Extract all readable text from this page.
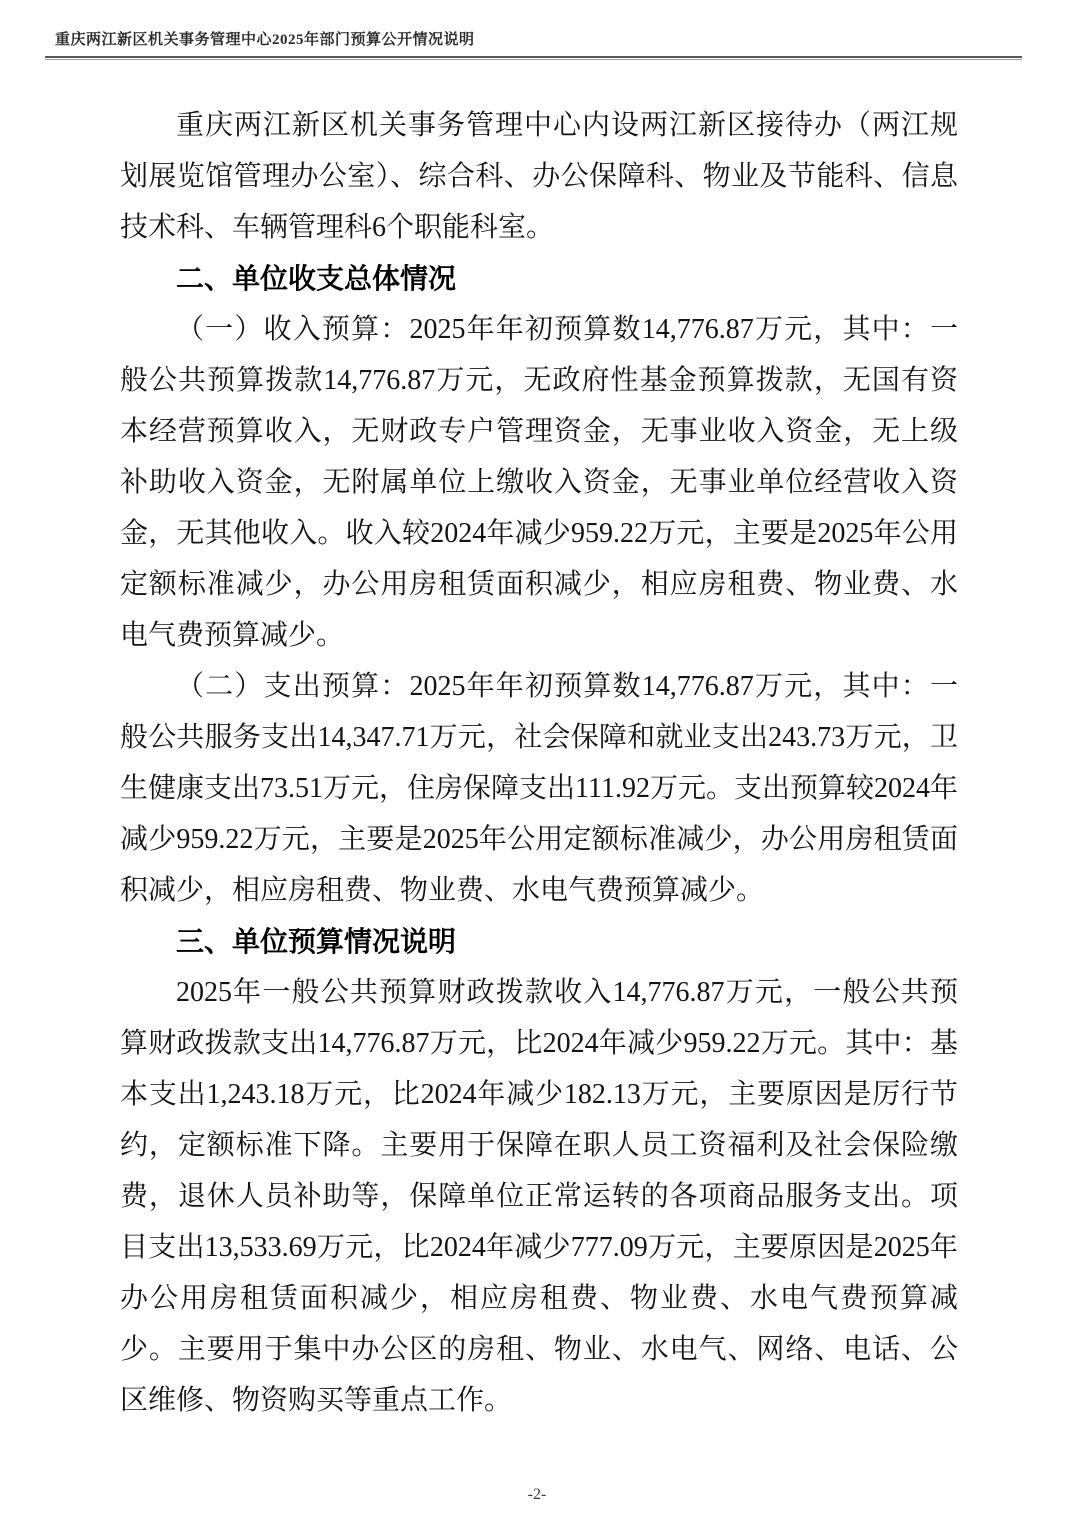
重庆两江新区机关事务管理中心2025年部门预算公开情况说明

重庆两江新区机关事务管理中心内设两江新区接待办（两江规划展览馆管理办公室）、综合科、办公保障科、物业及节能科、信息技术科、车辆管理科6个职能科室。

二、单位收支总体情况

（一）收入预算：2025年年初预算数14,776.87万元，其中：一般公共预算拨款14,776.87万元，无政府性基金预算拨款，无国有资本经营预算收入，无财政专户管理资金，无事业收入资金，无上级补助收入资金，无附属单位上缴收入资金，无事业单位经营收入资金，无其他收入。收入较2024年减少959.22万元，主要是2025年公用定额标准减少，办公用房租赁面积减少，相应房租费、物业费、水电气费预算减少。

（二）支出预算：2025年年初预算数14,776.87万元，其中：一般公共服务支出14,347.71万元，社会保障和就业支出243.73万元，卫生健康支出73.51万元，住房保障支出111.92万元。支出预算较2024年减少959.22万元，主要是2025年公用定额标准减少，办公用房租赁面积减少，相应房租费、物业费、水电气费预算减少。

三、单位预算情况说明

2025年一般公共预算财政拨款收入14,776.87万元，一般公共预算财政拨款支出14,776.87万元，比2024年减少959.22万元。其中：基本支出1,243.18万元，比2024年减少182.13万元，主要原因是厉行节约，定额标准下降。主要用于保障在职人员工资福利及社会保险缴费，退休人员补助等，保障单位正常运转的各项商品服务支出。项目支出13,533.69万元，比2024年减少777.09万元，主要原因是2025年办公用房租赁面积减少，相应房租费、物业费、水电气费预算减少。主要用于集中办公区的房租、物业、水电气、网络、电话、公区维修、物资购买等重点工作。

-2-
